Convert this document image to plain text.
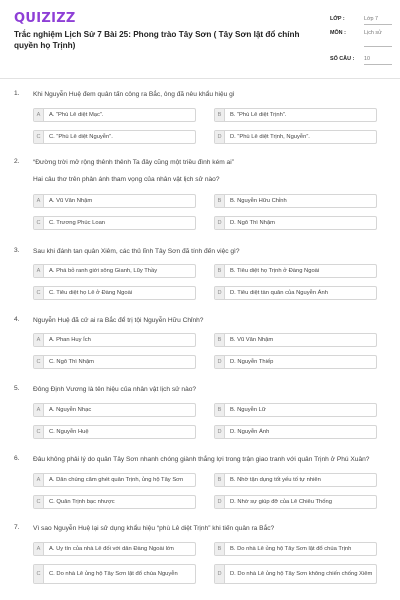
QUIZIZZ
Trắc nghiệm Lịch Sử 7 Bài 25: Phong trào Tây Sơn ( Tây Sơn lật đổ chính quyền họ Trịnh)
LỚP :	Lớp 7
MÔN :	Lịch sử
SỐ CÂU : 10
1. Khi Nguyễn Huệ đem quân tấn công ra Bắc, ông đã nêu khẩu hiệu gì
A	A. “Phù Lê diệt Mạc”.	B	B. “Phù Lê diệt Trịnh”.
C	C. “Phù Lê diệt Nguyễn”.	D	D. “Phù Lê diệt Trịnh, Nguyễn”.
2. “Đường trời mở rộng thênh thênh Ta đây cũng một triều đình kém ai”
Hai câu thơ trên phản ánh tham vọng của nhân vật lịch sử nào?
A	A. Vũ Văn Nhậm	B	B. Nguyễn Hữu Chỉnh
C	C. Trương Phúc Loan	D	D. Ngô Thì Nhậm
3. Sau khi đánh tan quân Xiêm, các thủ lĩnh Tây Sơn đã tính đến việc gì?
A	A. Phá bỏ ranh giới sông Gianh, Lũy Thầy	B	B. Tiêu diệt họ Trịnh ở Đàng Ngoài
C	C. Tiêu diệt họ Lê ở Đàng Ngoài	D	D. Tiêu diệt tàn quân của Nguyễn Ánh
4. Nguyễn Huệ đã cử ai ra Bắc để trị tội Nguyễn Hữu Chỉnh?
A	A. Phan Huy Ích	B	B. Vũ Văn Nhậm
C	C. Ngô Thì Nhậm	D	D. Nguyễn Thiếp
5. Đông Định Vương là tên hiệu của nhân vật lịch sử nào?
A	A. Nguyễn Nhạc	B	B. Nguyễn Lữ
C	C. Nguyễn Huệ	D	D. Nguyễn Ánh
6. Đâu không phải lý do quân Tây Sơn nhanh chóng giành thắng lợi trong trận giao tranh với quân Trịnh ở Phú Xuân?
A	A. Dân chúng căm ghét quân Trịnh, ủng hộ Tây Sơn	B	B. Nhờ tận dụng tốt yếu tố tự nhiên
C	C. Quân Trịnh bạc nhược	D	D. Nhờ sự giúp đỡ của Lê Chiêu Thống
7. Vì sao Nguyễn Huệ lại sử dụng khẩu hiệu “phù Lê diệt Trịnh” khi tiến quân ra Bắc?
A	A. Uy tín của nhà Lê đối với dân Đàng Ngoài lớn	B	B. Do nhà Lê ủng hộ Tây Sơn lật đổ chúa Trịnh
C	C. Do nhà Lê ủng hộ Tây Sơn lật đổ chúa Nguyễn	D	D. Do nhà Lê ủng hộ Tây Sơn không chiến chống Xiêm
